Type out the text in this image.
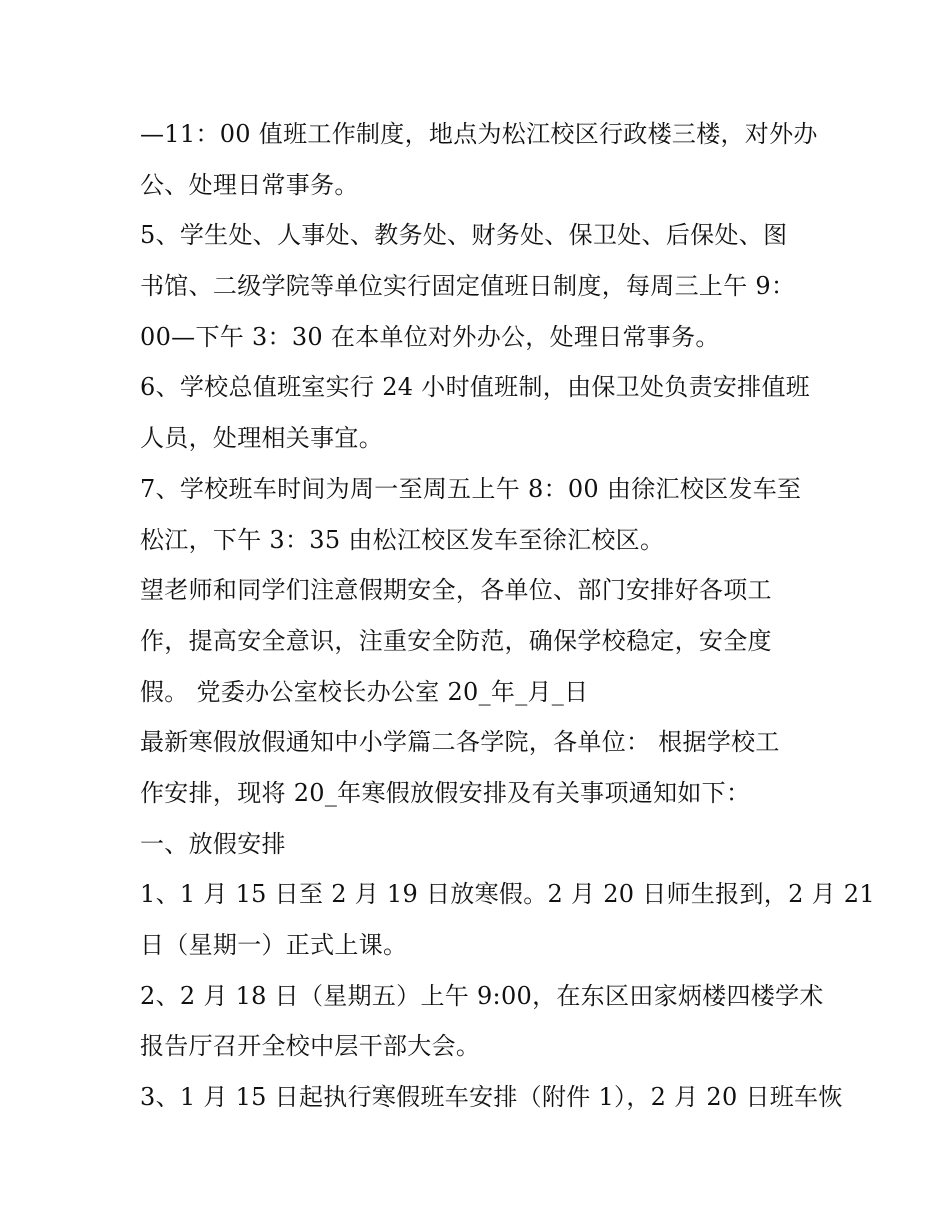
—11：00 值班工作制度，地点为松江校区行政楼三楼，对外办
公、处理日常事务。
5、学生处、人事处、教务处、财务处、保卫处、后保处、图
书馆、二级学院等单位实行固定值班日制度，每周三上午 9：
00—下午 3：30 在本单位对外办公，处理日常事务。
6、学校总值班室实行 24 小时值班制，由保卫处负责安排值班
人员，处理相关事宜。
7、学校班车时间为周一至周五上午 8：00 由徐汇校区发车至
松江，下午 3：35 由松江校区发车至徐汇校区。
望老师和同学们注意假期安全，各单位、部门安排好各项工
作，提高安全意识，注重安全防范，确保学校稳定，安全度
假。 党委办公室校长办公室 20_年_月_日
最新寒假放假通知中小学篇二各学院，各单位： 根据学校工
作安排，现将 20_年寒假放假安排及有关事项通知如下：
一、放假安排
1、1 月 15 日至 2 月 19 日放寒假。2 月 20 日师生报到，2 月 21
日（星期一）正式上课。
2、2 月 18 日（星期五）上午 9:00，在东区田家炳楼四楼学术
报告厅召开全校中层干部大会。
3、1 月 15 日起执行寒假班车安排（附件 1），2 月 20 日班车恢
